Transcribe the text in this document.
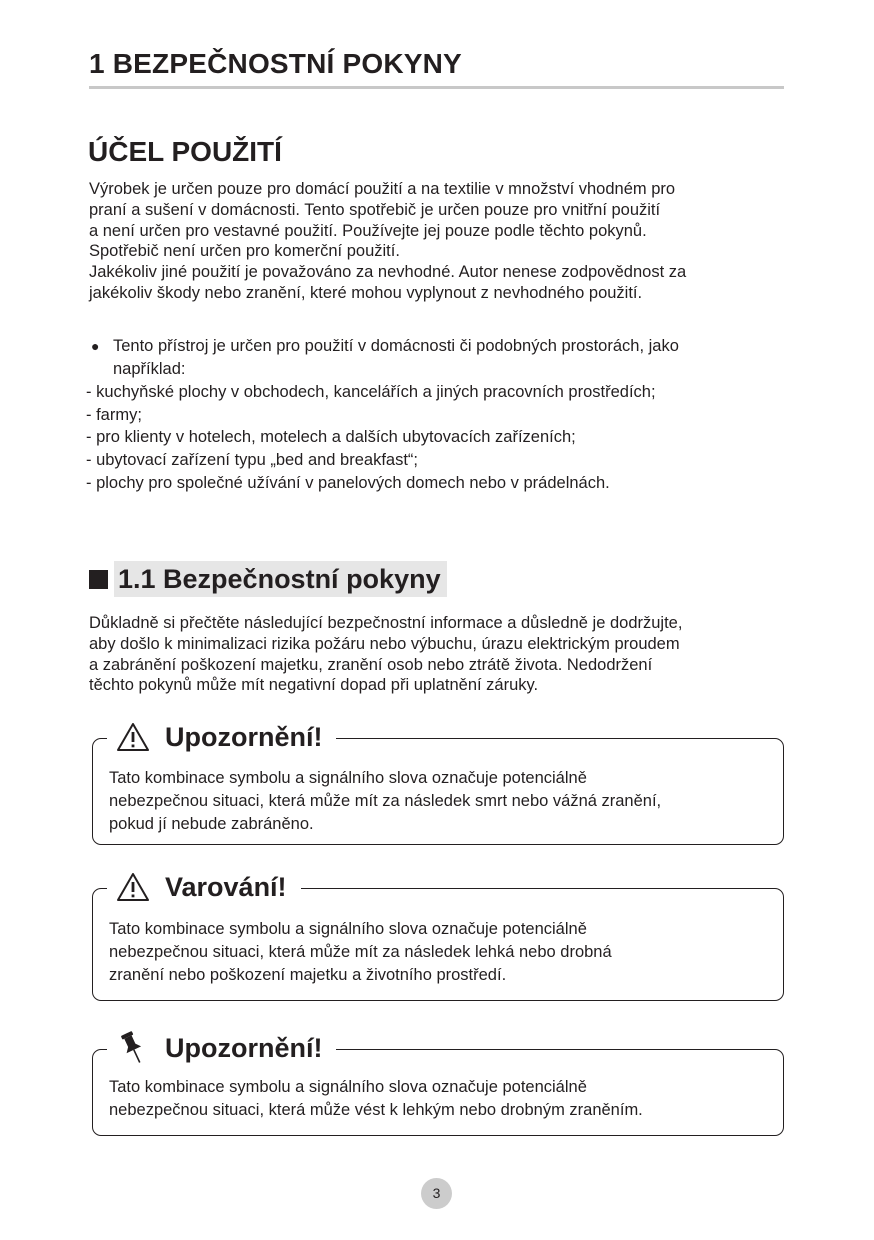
1 BEZPEČNOSTNÍ POKYNY
ÚČEL POUŽITÍ
Výrobek je určen pouze pro domácí použití a na textilie v množství vhodném pro
praní a sušení v domácnosti. Tento spotřebič je určen pouze pro vnitřní použití
a není určen pro vestavné použití. Používejte jej pouze podle těchto pokynů.
Spotřebič není určen pro komerční použití.
Jakékoliv jiné použití je považováno za nevhodné. Autor nenese zodpovědnost za
jakékoliv škody nebo zranění, které mohou vyplynout z nevhodného použití.
● Tento přístroj je určen pro použití v domácnosti či podobných prostorách, jako
například:
- kuchyňské plochy v obchodech, kancelářích a jiných pracovních prostředích;
- farmy;
- pro klienty v hotelech, motelech a dalších ubytovacích zařízeních;
- ubytovací zařízení typu „bed and breakfast“;
- plochy pro společné užívání v panelových domech nebo v prádelnách.
1.1 Bezpečnostní pokyny
Důkladně si přečtěte následující bezpečnostní informace a důsledně je dodržujte,
aby došlo k minimalizaci rizika požáru nebo výbuchu, úrazu elektrickým proudem
a zabránění poškození majetku, zranění osob nebo ztrátě života. Nedodržení
těchto pokynů může mít negativní dopad při uplatnění záruky.
Upozornění!
Tato kombinace symbolu a signálního slova označuje potenciálně
nebezpečnou situaci, která může mít za následek smrt nebo vážná zranění,
pokud jí nebude zabráněno.
Varování!
Tato kombinace symbolu a signálního slova označuje potenciálně
nebezpečnou situaci, která může mít za následek lehká nebo drobná
zranění nebo poškození majetku a životního prostředí.
Upozornění!
Tato kombinace symbolu a signálního slova označuje potenciálně
nebezpečnou situaci, která může vést k lehkým nebo drobným zraněním.
3
